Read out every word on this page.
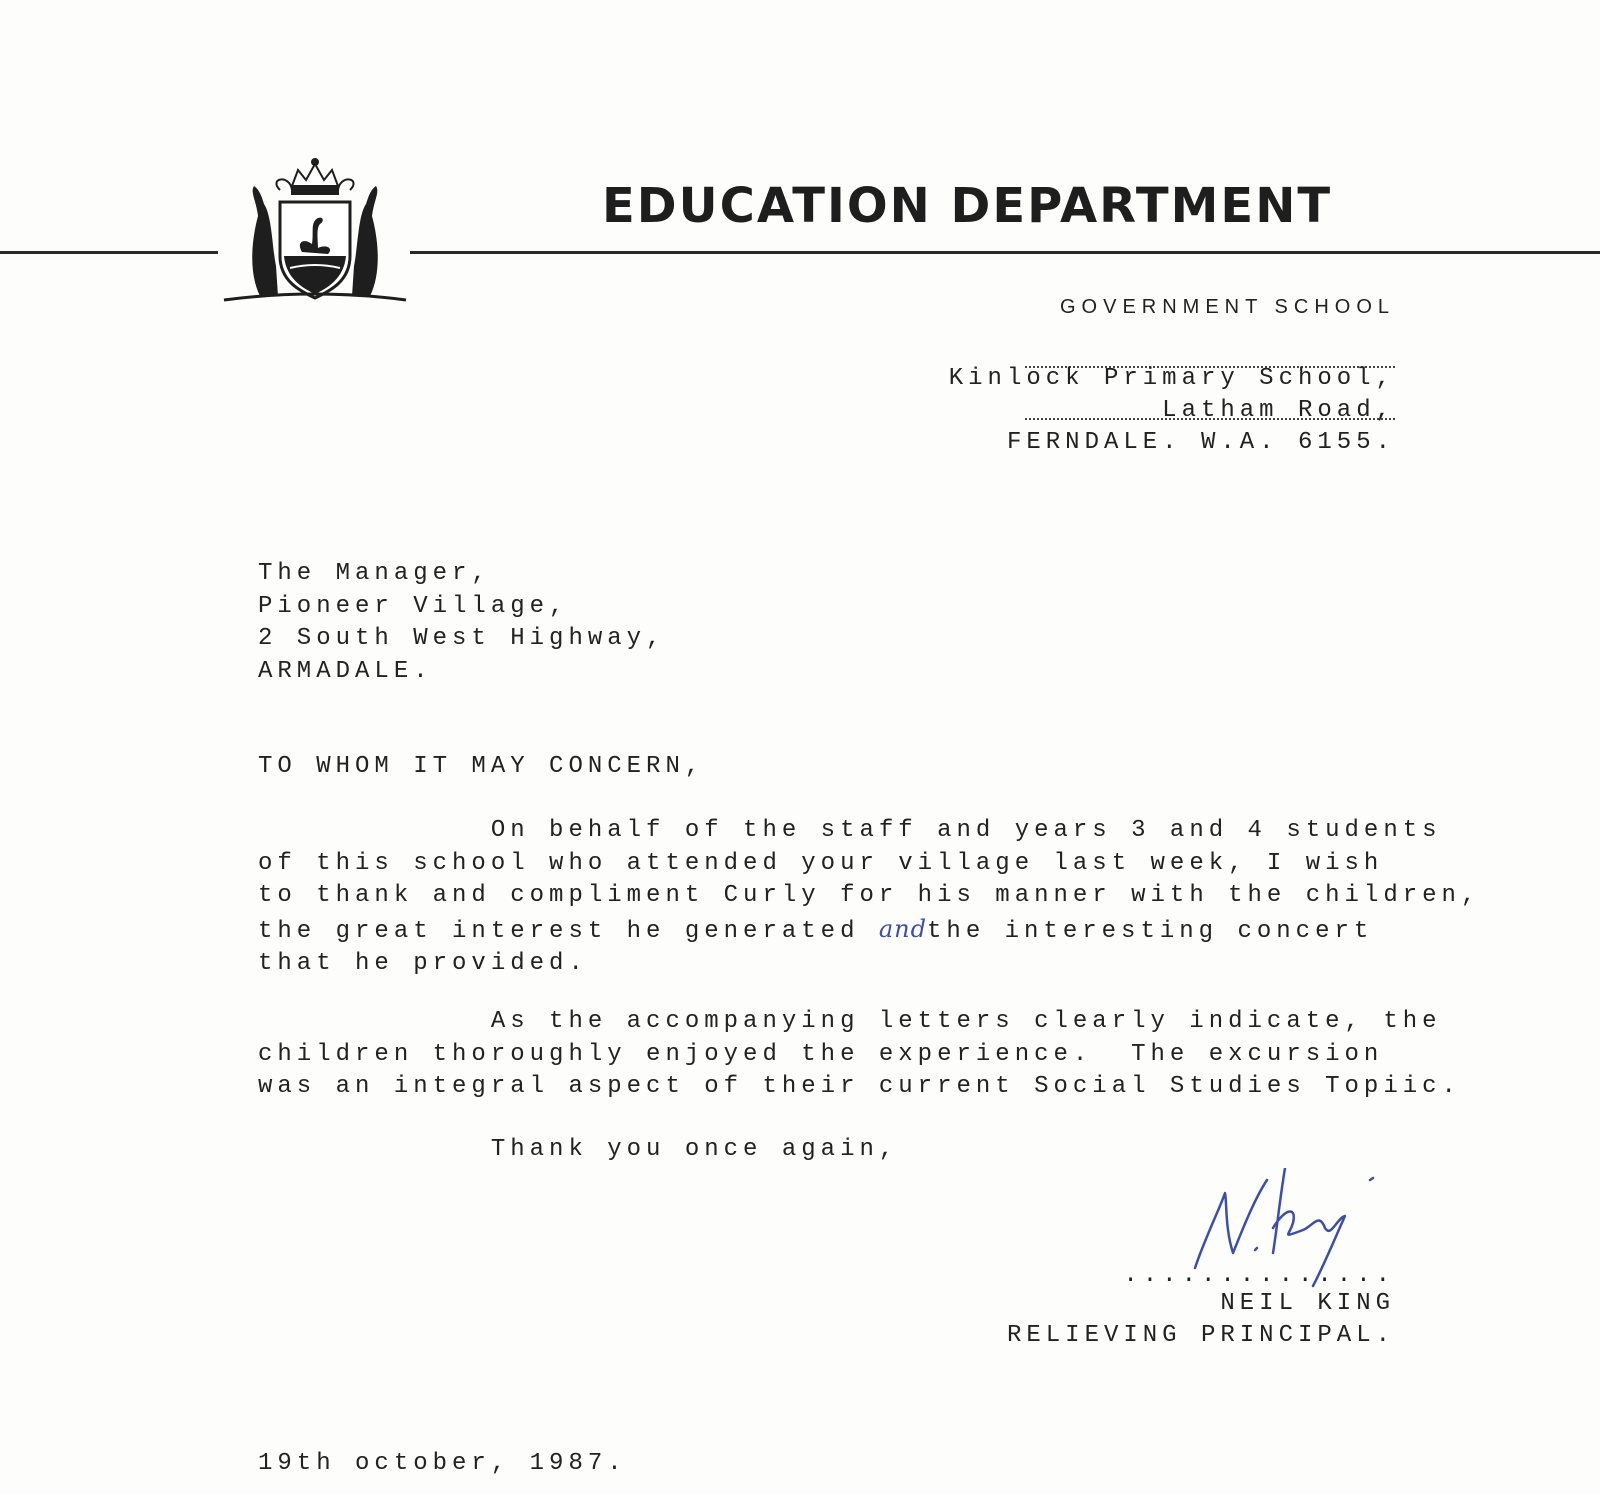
EDUCATION DEPARTMENT
GOVERNMENT SCHOOL
Kinlock Primary School,
Latham Road,
FERNDALE. W.A. 6155.
The Manager,
Pioneer Village,
2 South West Highway,
ARMADALE.
TO WHOM IT MAY CONCERN,
On behalf of the staff and years 3 and 4 students
of this school who attended your village last week, I wish
to thank and compliment Curly for his manner with the children,
the great interest he generated andthe interesting concert
that he provided.
As the accompanying letters clearly indicate, the
children thoroughly enjoyed the experience.  The excursion
was an integral aspect of their current Social Studies Topiic.
Thank you once again,
..............
NEIL KING
RELIEVING PRINCIPAL.
19th october, 1987.
